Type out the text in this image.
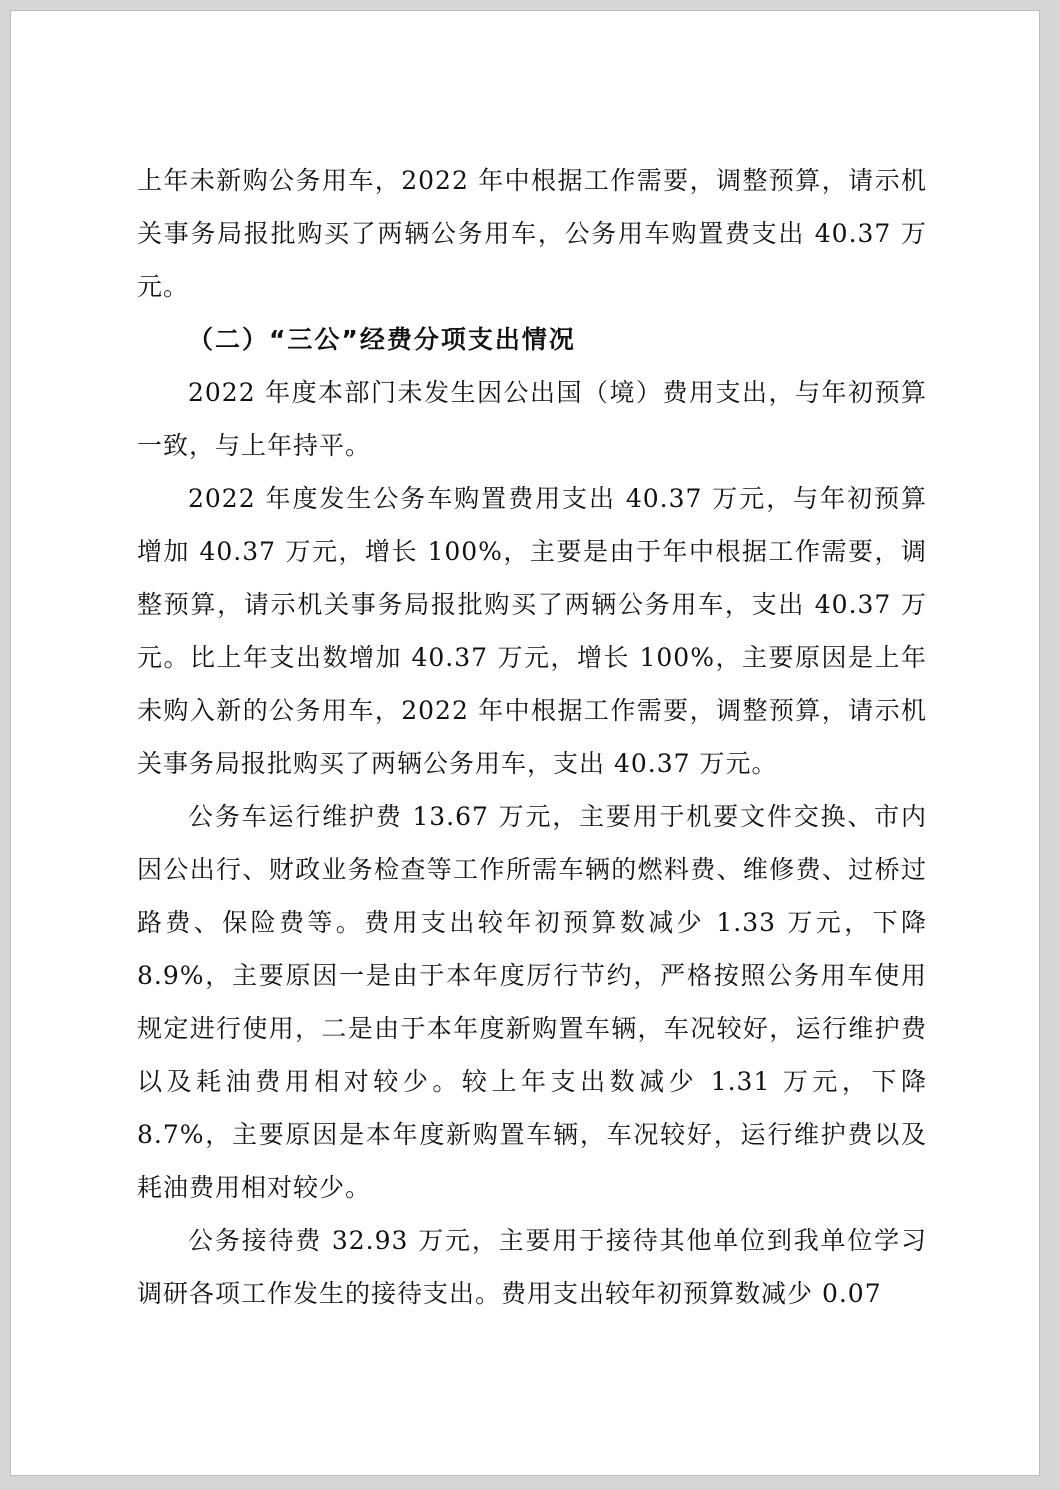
上年未新购公务用车，2022 年中根据工作需要，调整预算，请示机关事务局报批购买了两辆公务用车，公务用车购置费支出 40.37 万元。

（二）“三公”经费分项支出情况

2022 年度本部门未发生因公出国（境）费用支出，与年初预算一致，与上年持平。

2022 年度发生公务车购置费用支出 40.37 万元，与年初预算增加 40.37 万元，增长 100%，主要是由于年中根据工作需要，调整预算，请示机关事务局报批购买了两辆公务用车，支出 40.37 万元。比上年支出数增加 40.37 万元，增长 100%，主要原因是上年未购入新的公务用车，2022 年中根据工作需要，调整预算，请示机关事务局报批购买了两辆公务用车，支出 40.37 万元。

公务车运行维护费 13.67 万元，主要用于机要文件交换、市内因公出行、财政业务检查等工作所需车辆的燃料费、维修费、过桥过路费、保险费等。费用支出较年初预算数减少 1.33 万元，下降 8.9%，主要原因一是由于本年度厉行节约，严格按照公务用车使用规定进行使用，二是由于本年度新购置车辆，车况较好，运行维护费以及耗油费用相对较少。较上年支出数减少 1.31 万元，下降 8.7%，主要原因是本年度新购置车辆，车况较好，运行维护费以及耗油费用相对较少。

公务接待费 32.93 万元，主要用于接待其他单位到我单位学习调研各项工作发生的接待支出。费用支出较年初预算数减少 0.07
